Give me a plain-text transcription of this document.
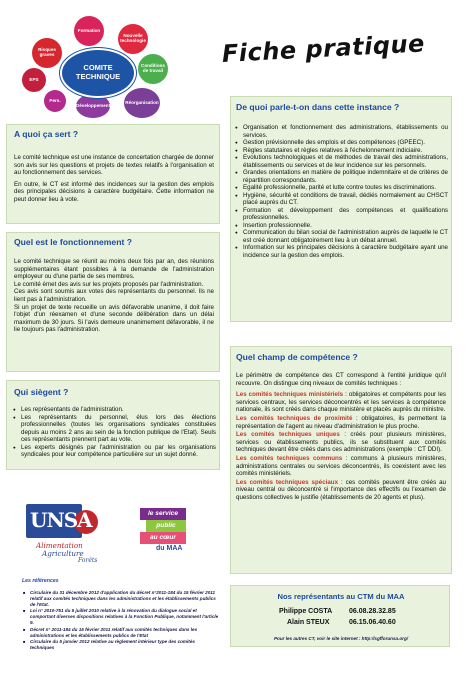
Risques graves
Nouvelle technologie
Formation
EPS
Conditions de travail
Pers.	Réorganisation
Développement
COMITE
TECHNIQUE
Fiche pratique
A quoi ça sert ?

Le comité technique est une instance de concertation chargée de donner son avis sur les questions et projets de textes relatifs à l'organisation et au fonctionnement des services.

En outre, le CT est informé des incidences sur la gestion des emplois des principales décisions à caractère budgétaire. Cette information ne peut donner lieu à vote.

Quel est le fonctionnement ?

Le comité technique se réunit au moins deux fois par an, des réunions supplémentaires étant possibles à la demande de l'administration employeur ou d'une partie de ses membres.

Le comité émet des avis sur les projets proposés par l'administration.

Ces avis sont soumis aux votes des représentants du personnel. Ils ne lient pas à l'administration.

Si un projet de texte recueille un avis défavorable unanime, il doit faire l'objet d'un réexamen et d'une seconde délibération dans un délai maximum de 30 jours. Si l'avis demeure unanimement défavorable, il ne lie toujours pas l'administration.

Qui siègent ?
● Les représentants de l'administration.
● Les représentants du personnel, élus lors des élections professionnelles (toutes les organisations syndicales constituées depuis au moins 2 ans au sein de la fonction publique de l'Etat). Seuls ces représentants prennent part au vote.
● Les experts désignés par l'administration ou par les organisations syndicales pour leur compétence particulière sur un sujet donné.
De quoi parle-t-on dans cette instance ?
● Organisation et fonctionnement des administrations, établissements ou services.
● Gestion prévisionnelle des emplois et des compétences (GPEEC).
● Règles statutaires et règles relatives à l'échelonnement indiciaire.
● Evolutions technologiques et de méthodes de travail des administrations, établissements ou services et de leur incidence sur les personnels.
● Grandes orientations en matière de politique indemnitaire et de critères de répartition correspondants.
● Egalité professionnelle, parité et lutte contre toutes les discriminations.
● Hygiène, sécurité et conditions de travail, dédiés normalement au CHSCT placé auprès du CT.
● Formation et développement des compétences et qualifications professionnelles.
● Insertion professionnelle.
● Communication du bilan social de l'administration auprès de laquelle le CT est créé donnant obligatoirement lieu à un débat annuel.
● Information sur les principales décisions à caractère budgétaire ayant une incidence sur la gestion des emplois.
Quel champ de compétence ?

Le périmètre de compétence des CT correspond à l'entité juridique qu'il recouvre. On distingue cinq niveaux de comités techniques :

Les comités techniques ministériels : obligatoires et compétents pour les services centraux, les services déconcentrés et les services à compétence nationale, ils sont créés dans chaque ministère et placés auprès du ministre.

Les comités techniques de proximité : obligatoires, ils permettent la représentation de l'agent au niveau d'administration le plus proche.

Les comités techniques uniques : créés pour plusieurs ministères, services ou établissements publics, ils se substituent aux comités techniques devant être créés dans ces administrations (exemple : CT DDI).

Les comités techniques communs : communs à plusieurs ministères, administrations centrales ou services déconcentrés, ils coexistent avec les comités ministériels.

Les comités techniques spéciaux : ces comités peuvent être créés au niveau central ou déconcentré si l'importance des effectifs ou l'examen de questions collectives le justifie (établissements de 20 agents et plus).

UNSA
Alimentation
Agriculture
Forêts
le service
public
au cœur
du MAA
Les références
■ Circulaire du 31 décembre 2012 d'application du décret n°2011-184 du 15 février 2011 relatif aux comités techniques dans les administrations et les établissements publics de l'Etat.
■ Loi n° 2010-751 du 5 juillet 2010 relative à la rénovation du dialogue social et comportant diverses dispositions relatives à la Fonction Publique, notamment l'article 9.
■ Décret n° 2011-184 du 15 février 2011 relatif aux comités techniques dans les administrations et les établissements publics de l'Etat
■ Circulaire du 5 janvier 2012 relative au règlement intérieur type des comités techniques
Nos représentants au CTM du MAA
Philippe COSTA 06.08.28.32.85
Alain STEUX	06.15.06.40.60
Pour les autres CT, voir le site internet : http://sgfforunsa.org/
